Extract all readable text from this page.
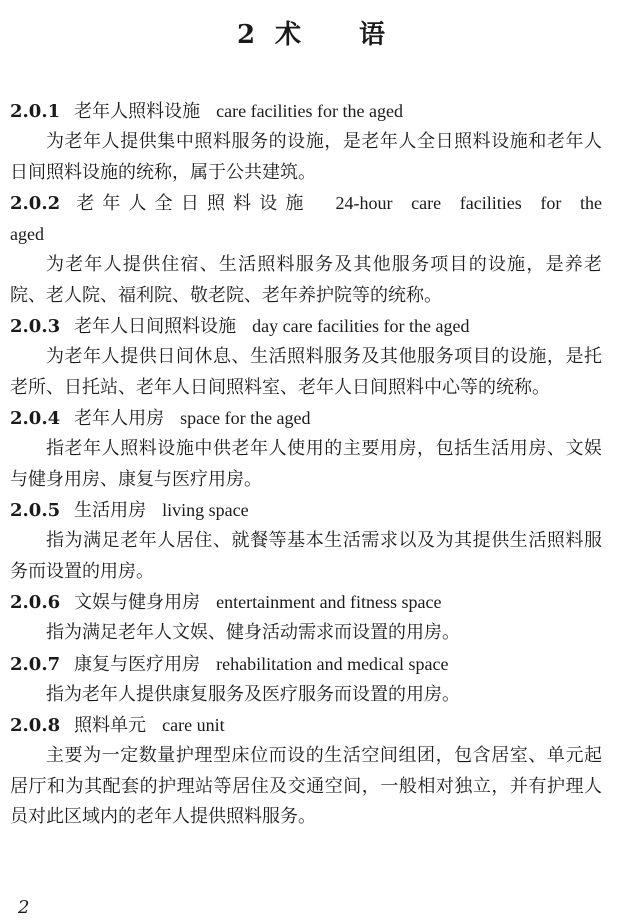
2 术 语

2.0.1 老年人照料设施 care facilities for the aged

为老年人提供集中照料服务的设施，是老年人全日照料设施和老年人日间照料设施的统称，属于公共建筑。

2.0.2 老年人全日照料设施 24-hour care facilities for the aged

为老年人提供住宿、生活照料服务及其他服务项目的设施，是养老院、老人院、福利院、敬老院、老年养护院等的统称。

2.0.3 老年人日间照料设施 day care facilities for the aged

为老年人提供日间休息、生活照料服务及其他服务项目的设施，是托老所、日托站、老年人日间照料室、老年人日间照料中心等的统称。

2.0.4 老年人用房 space for the aged

指老年人照料设施中供老年人使用的主要用房，包括生活用房、文娱与健身用房、康复与医疗用房。

2.0.5 生活用房 living space

指为满足老年人居住、就餐等基本生活需求以及为其提供生活照料服务而设置的用房。

2.0.6 文娱与健身用房 entertainment and fitness space

指为满足老年人文娱、健身活动需求而设置的用房。

2.0.7 康复与医疗用房 rehabilitation and medical space

指为老年人提供康复服务及医疗服务而设置的用房。

2.0.8 照料单元 care unit

主要为一定数量护理型床位而设的生活空间组团，包含居室、单元起居厅和为其配套的护理站等居住及交通空间，一般相对独立，并有护理人员对此区域内的老年人提供照料服务。

2
